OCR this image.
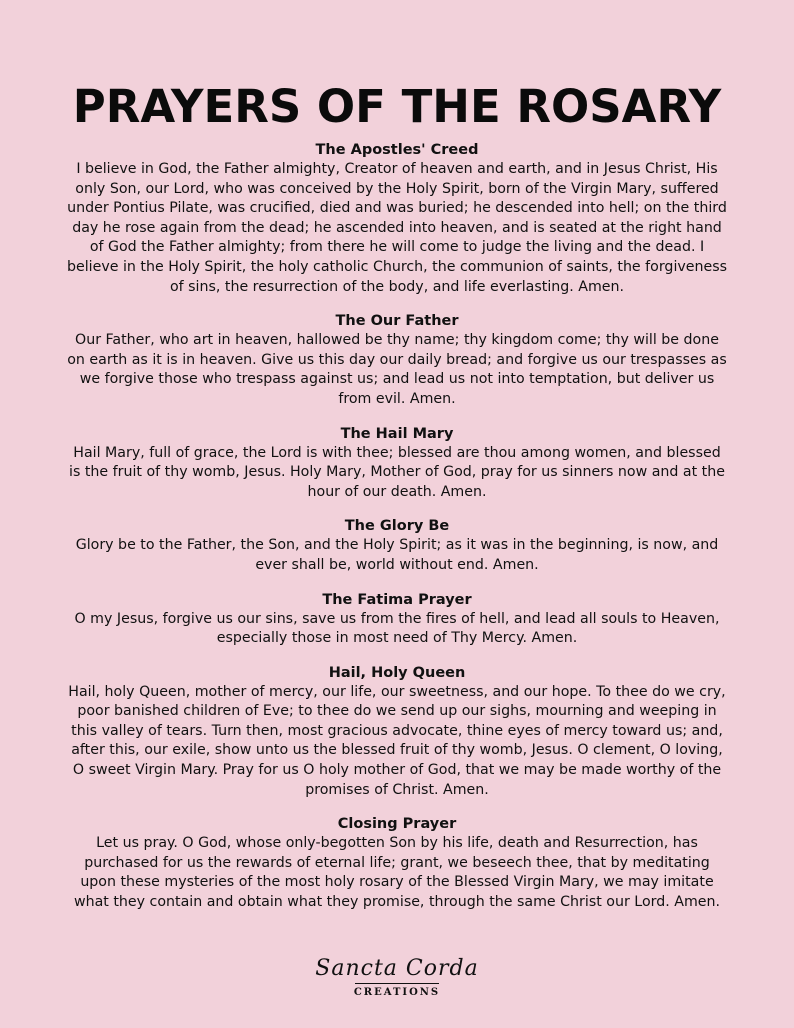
PRAYERS OF THE ROSARY

The Apostles' Creed

I believe in God, the Father almighty, Creator of heaven and earth, and in Jesus Christ, His only Son, our Lord, who was conceived by the Holy Spirit, born of the Virgin Mary, suffered under Pontius Pilate, was crucified, died and was buried; he descended into hell; on the third day he rose again from the dead; he ascended into heaven, and is seated at the right hand of God the Father almighty; from there he will come to judge the living and the dead. I believe in the Holy Spirit, the holy catholic Church, the communion of saints, the forgiveness of sins, the resurrection of the body, and life everlasting. Amen.

The Our Father

Our Father, who art in heaven, hallowed be thy name; thy kingdom come; thy will be done on earth as it is in heaven. Give us this day our daily bread; and forgive us our trespasses as we forgive those who trespass against us; and lead us not into temptation, but deliver us from evil. Amen.

The Hail Mary

Hail Mary, full of grace, the Lord is with thee; blessed are thou among women, and blessed is the fruit of thy womb, Jesus. Holy Mary, Mother of God, pray for us sinners now and at the hour of our death. Amen.

The Glory Be

Glory be to the Father, the Son, and the Holy Spirit; as it was in the beginning, is now, and ever shall be, world without end. Amen.

The Fatima Prayer

O my Jesus, forgive us our sins, save us from the fires of hell, and lead all souls to Heaven, especially those in most need of Thy Mercy. Amen.

Hail, Holy Queen

Hail, holy Queen, mother of mercy, our life, our sweetness, and our hope. To thee do we cry, poor banished children of Eve; to thee do we send up our sighs, mourning and weeping in this valley of tears. Turn then, most gracious advocate, thine eyes of mercy toward us; and, after this, our exile, show unto us the blessed fruit of thy womb, Jesus. O clement, O loving, O sweet Virgin Mary. Pray for us O holy mother of God, that we may be made worthy of the promises of Christ. Amen.

Closing Prayer

Let us pray. O God, whose only-begotten Son by his life, death and Resurrection, has purchased for us the rewards of eternal life; grant, we beseech thee, that by meditating upon these mysteries of the most holy rosary of the Blessed Virgin Mary, we may imitate what they contain and obtain what they promise, through the same Christ our Lord. Amen.

Sancta Corda
CREATIONS
